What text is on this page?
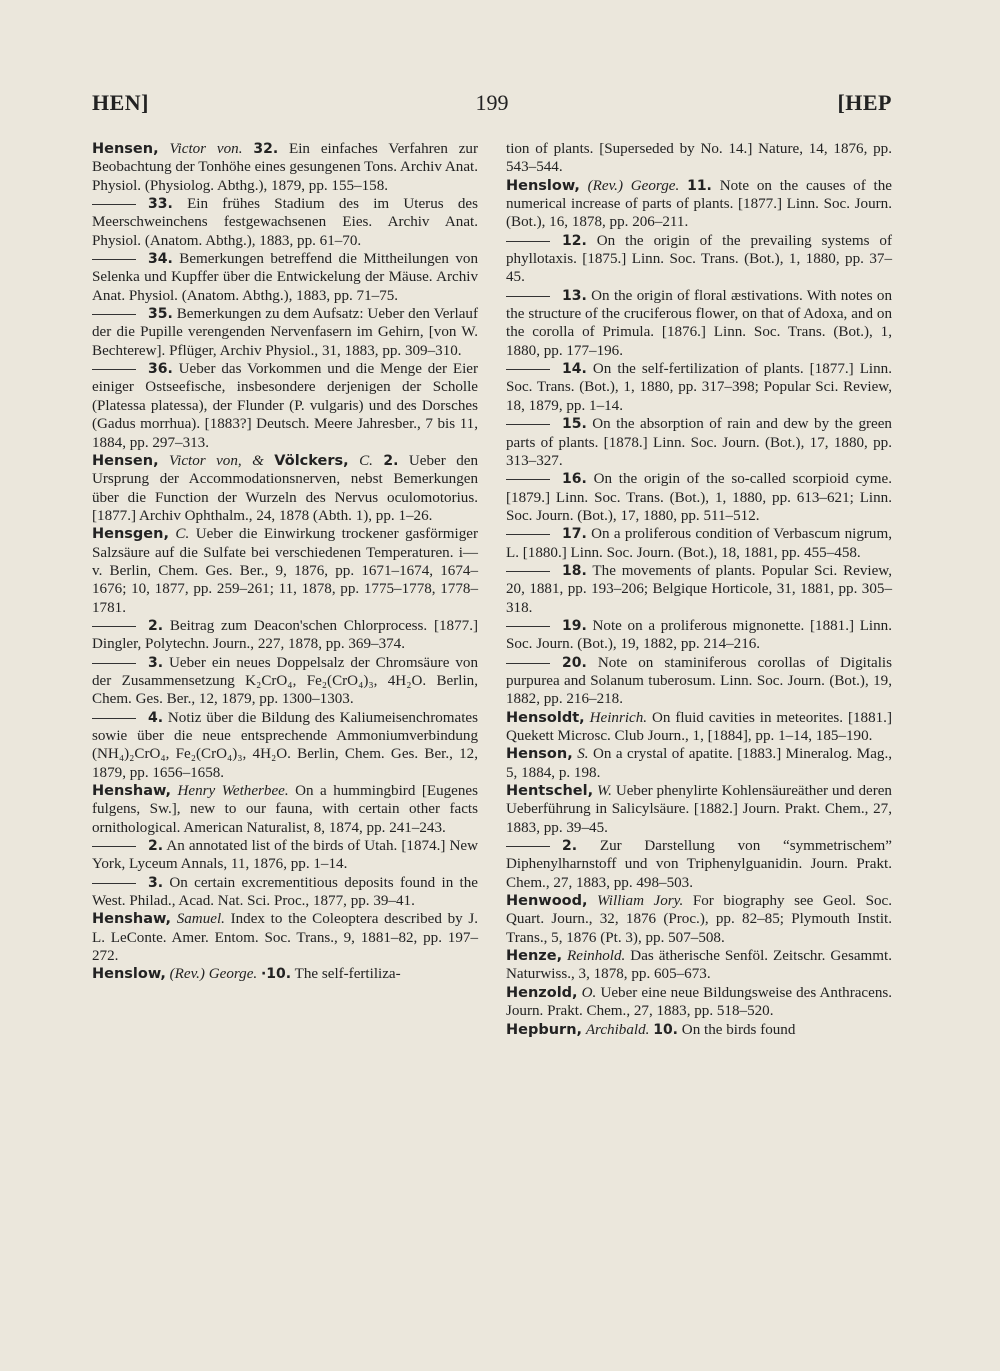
199
HEN]	[HEP

Hensen, Victor von. 32. Ein einfaches Verfahren zur Beobachtung der Tonhöhe eines gesungenen Tons. Archiv Anat. Physiol. (Physiolog. Abthg.), 1879, pp. 155–158.

33. Ein frühes Stadium des im Uterus des Meerschweinchens festgewachsenen Eies. Archiv Anat. Physiol. (Anatom. Abthg.), 1883, pp. 61–70.

34. Bemerkungen betreffend die Mittheilungen von Selenka und Kupffer über die Entwickelung der Mäuse. Archiv Anat. Physiol. (Anatom. Abthg.), 1883, pp. 71–75.

35. Bemerkungen zu dem Aufsatz: Ueber den Verlauf der die Pupille verengenden Nervenfasern im Gehirn, [von W. Bechterew]. Pflüger, Archiv Physiol., 31, 1883, pp. 309–310.

36. Ueber das Vorkommen und die Menge der Eier einiger Ostseefische, insbesondere derjenigen der Scholle (Platessa platessa), der Flunder (P. vulgaris) und des Dorsches (Gadus morrhua). [1883?] Deutsch. Meere Jahresber., 7 bis 11, 1884, pp. 297–313.

Hensen, Victor von, & Völckers, C. 2. Ueber den Ursprung der Accommodationsnerven, nebst Bemerkungen über die Function der Wurzeln des Nervus oculomotorius. [1877.] Archiv Ophthalm., 24, 1878 (Abth. 1), pp. 1–26.

Hensgen, C. Ueber die Einwirkung trockener gasförmiger Salzsäure auf die Sulfate bei verschiedenen Temperaturen. i—v. Berlin, Chem. Ges. Ber., 9, 1876, pp. 1671–1674, 1674–1676; 10, 1877, pp. 259–261; 11, 1878, pp. 1775–1778, 1778–1781.

2. Beitrag zum Deacon'schen Chlorprocess. [1877.] Dingler, Polytechn. Journ., 227, 1878, pp. 369–374.

3. Ueber ein neues Doppelsalz der Chromsäure von der Zusammensetzung K₂CrO₄, Fe₂(CrO₄)₃, 4H₂O. Berlin, Chem. Ges. Ber., 12, 1879, pp. 1300–1303.

4. Notiz über die Bildung des Kaliumeisenchromates sowie über die neue entsprechende Ammoniumverbindung (NH₄)₂CrO₄, Fe₂(CrO₄)₃, 4H₂O. Berlin, Chem. Ges. Ber., 12, 1879, pp. 1656–1658.

Henshaw, Henry Wetherbee. On a hummingbird [Eugenes fulgens, Sw.], new to our fauna, with certain other facts ornithological. American Naturalist, 8, 1874, pp. 241–243.

2. An annotated list of the birds of Utah. [1874.] New York, Lyceum Annals, 11, 1876, pp. 1–14.

3. On certain excrementitious deposits found in the West. Philad., Acad. Nat. Sci. Proc., 1877, pp. 39–41.

Henshaw, Samuel. Index to the Coleoptera described by J. L. LeConte. Amer. Entom. Soc. Trans., 9, 1881–82, pp. 197–272.

Henslow, (Rev.) George. ·10. The self-fertiliza-

tion of plants. [Superseded by No. 14.] Nature, 14, 1876, pp. 543–544.

Henslow, (Rev.) George. 11. Note on the causes of the numerical increase of parts of plants. [1877.] Linn. Soc. Journ. (Bot.), 16, 1878, pp. 206–211.

12. On the origin of the prevailing systems of phyllotaxis. [1875.] Linn. Soc. Trans. (Bot.), 1, 1880, pp. 37–45.

13. On the origin of floral æstivations. With notes on the structure of the cruciferous flower, on that of Adoxa, and on the corolla of Primula. [1876.] Linn. Soc. Trans. (Bot.), 1, 1880, pp. 177–196.

14. On the self-fertilization of plants. [1877.] Linn. Soc. Trans. (Bot.), 1, 1880, pp. 317–398; Popular Sci. Review, 18, 1879, pp. 1–14.

15. On the absorption of rain and dew by the green parts of plants. [1878.] Linn. Soc. Journ. (Bot.), 17, 1880, pp. 313–327.

16. On the origin of the so-called scorpioid cyme. [1879.] Linn. Soc. Trans. (Bot.), 1, 1880, pp. 613–621; Linn. Soc. Journ. (Bot.), 17, 1880, pp. 511–512.

17. On a proliferous condition of Verbascum nigrum, L. [1880.] Linn. Soc. Journ. (Bot.), 18, 1881, pp. 455–458.

18. The movements of plants. Popular Sci. Review, 20, 1881, pp. 193–206; Belgique Horticole, 31, 1881, pp. 305–318.

19. Note on a proliferous mignonette. [1881.] Linn. Soc. Journ. (Bot.), 19, 1882, pp. 214–216.

20. Note on staminiferous corollas of Digitalis purpurea and Solanum tuberosum. Linn. Soc. Journ. (Bot.), 19, 1882, pp. 216–218.

Hensoldt, Heinrich. On fluid cavities in meteorites. [1881.] Quekett Microsc. Club Journ., 1, [1884], pp. 1–14, 185–190.

Henson, S. On a crystal of apatite. [1883.] Mineralog. Mag., 5, 1884, p. 198.

Hentschel, W. Ueber phenylirte Kohlensäureäther und deren Ueberführung in Salicylsäure. [1882.] Journ. Prakt. Chem., 27, 1883, pp. 39–45.

2. Zur Darstellung von “symmetrischem” Diphenylharnstoff und von Triphenylguanidin. Journ. Prakt. Chem., 27, 1883, pp. 498–503.

Henwood, William Jory. For biography see Geol. Soc. Quart. Journ., 32, 1876 (Proc.), pp. 82–85; Plymouth Instit. Trans., 5, 1876 (Pt. 3), pp. 507–508.

Henze, Reinhold. Das ätherische Senföl. Zeitschr. Gesammt. Naturwiss., 3, 1878, pp. 605–673.

Henzold, O. Ueber eine neue Bildungsweise des Anthracens. Journ. Prakt. Chem., 27, 1883, pp. 518–520.

Hepburn, Archibald. 10. On the birds found
